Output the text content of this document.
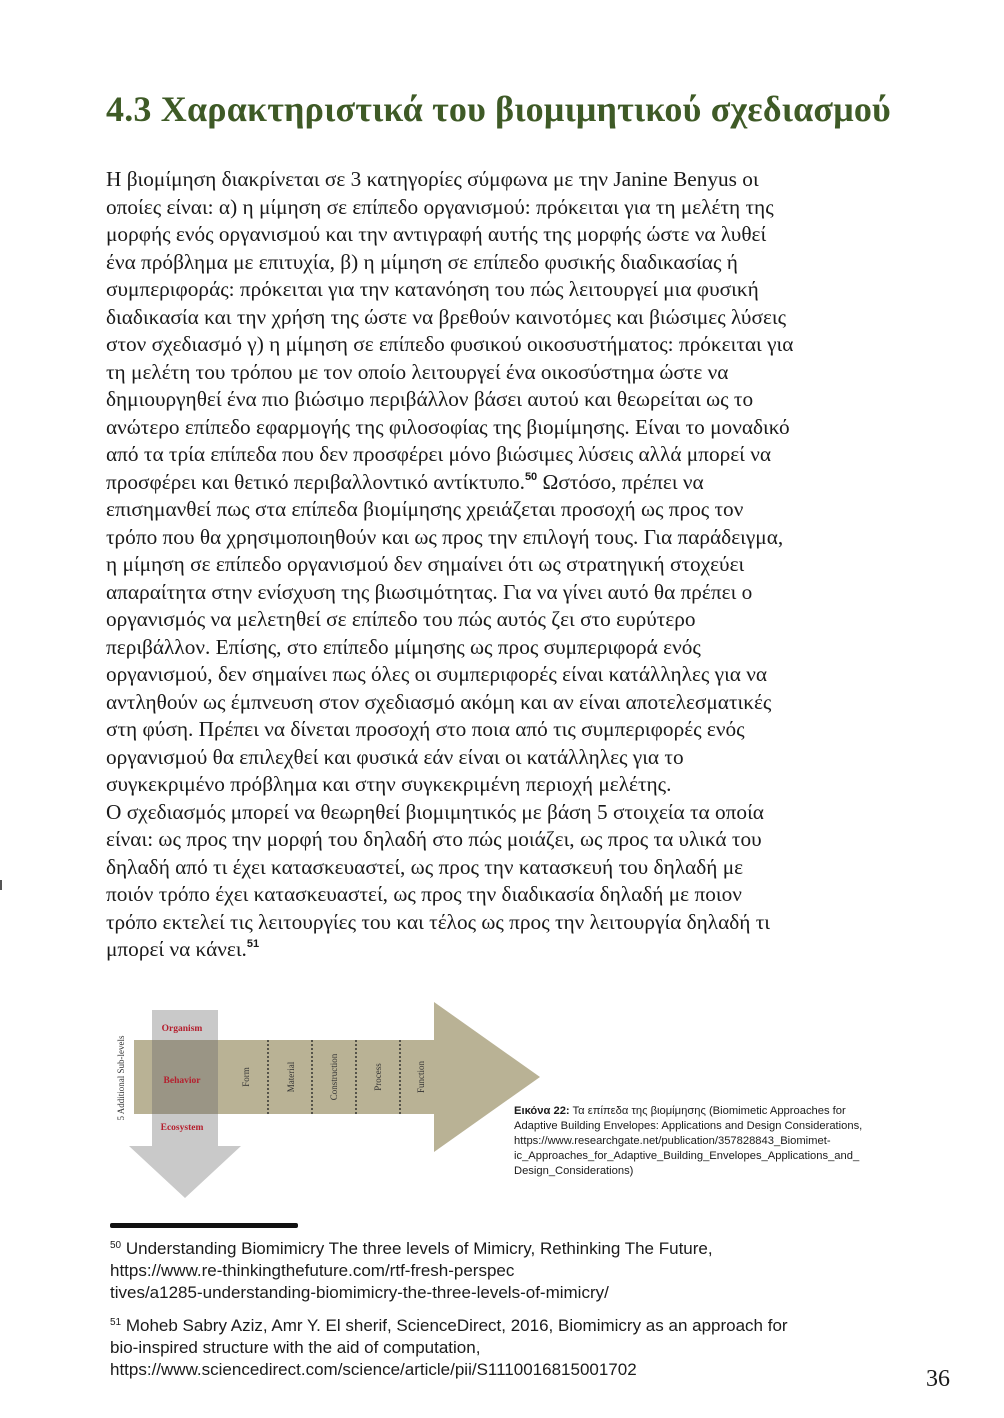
4.3 Χαρακτηριστικά του βιομιμητικού σχεδιασμού
Η βιομίμηση διακρίνεται σε 3 κατηγορίες σύμφωνα με την Janine Benyus οι
οποίες είναι: α) η μίμηση σε επίπεδο οργανισμού: πρόκειται για τη μελέτη της
μορφής ενός οργανισμού και την αντιγραφή αυτής της μορφής ώστε να λυθεί
ένα πρόβλημα με επιτυχία, β) η μίμηση σε επίπεδο φυσικής διαδικασίας ή
συμπεριφοράς: πρόκειται για την κατανόηση του πώς λειτουργεί μια φυσική
διαδικασία και την χρήση της ώστε να βρεθούν καινοτόμες και βιώσιμες λύσεις
στον σχεδιασμό γ) η μίμηση σε επίπεδο φυσικού οικοσυστήματος: πρόκειται για
τη μελέτη του τρόπου με τον οποίο λειτουργεί ένα οικοσύστημα ώστε να
δημιουργηθεί ένα πιο βιώσιμο περιβάλλον βάσει αυτού και θεωρείται ως το
ανώτερο επίπεδο εφαρμογής της φιλοσοφίας της βιομίμησης. Είναι το μοναδικό
από τα τρία επίπεδα που δεν προσφέρει μόνο βιώσιμες λύσεις αλλά μπορεί να
προσφέρει και θετικό περιβαλλοντικό αντίκτυπο.$^{50}$ Ωστόσο, πρέπει να
επισημανθεί πως στα επίπεδα βιομίμησης χρειάζεται προσοχή ως προς τον
τρόπο που θα χρησιμοποιηθούν και ως προς την επιλογή τους. Για παράδειγμα,
η μίμηση σε επίπεδο οργανισμού δεν σημαίνει ότι ως στρατηγική στοχεύει
απαραίτητα στην ενίσχυση της βιωσιμότητας. Για να γίνει αυτό θα πρέπει ο
οργανισμός να μελετηθεί σε επίπεδο του πώς αυτός ζει στο ευρύτερο
περιβάλλον. Επίσης, στο επίπεδο μίμησης ως προς συμπεριφορά ενός
οργανισμού, δεν σημαίνει πως όλες οι συμπεριφορές είναι κατάλληλες για να
αντληθούν ως έμπνευση στον σχεδιασμό ακόμη και αν είναι αποτελεσματικές
στη φύση. Πρέπει να δίνεται προσοχή στο ποια από τις συμπεριφορές ενός
οργανισμού θα επιλεχθεί και φυσικά εάν είναι οι κατάλληλες για το
συγκεκριμένο πρόβλημα και στην συγκεκριμένη περιοχή μελέτης.
Ο σχεδιασμός μπορεί να θεωρηθεί βιομιμητικός με βάση 5 στοιχεία τα οποία
είναι: ως προς την μορφή του δηλαδή στο πώς μοιάζει, ως προς τα υλικά του
δηλαδή από τι έχει κατασκευαστεί, ως προς την κατασκευή του δηλαδή με
ποιόν τρόπο έχει κατασκευαστεί, ως προς την διαδικασία δηλαδή με ποιον
τρόπο εκτελεί τις λειτουργίες του και τέλος ως προς την λειτουργία δηλαδή τι
μπορεί να κάνει.$^{51}$
5 Additional Sub-levels
Organism
Behavior
Ecosystem
Form	Material	Construction	Process	Function
Εικόνα 22: Τα επίπεδα της βιομίμησης (Biomimetic Approaches for
Adaptive Building Envelopes: Applications and Design Considerations,
https://www.researchgate.net/publication/357828843_Biomimet-
ic_Approaches_for_Adaptive_Building_Envelopes_Applications_and_
Design_Considerations)
$^{50}$ Understanding Biomimicry The three levels of Mimicry, Rethinking The Future,
https://www.re-thinkingthefuture.com/rtf-fresh-perspec
tives/a1285-understanding-biomimicry-the-three-levels-of-mimicry/
$^{51}$ Moheb Sabry Aziz, Amr Y. El sherif, ScienceDirect, 2016, Biomimicry as an approach for
bio-inspired structure with the aid of computation,
https://www.sciencedirect.com/science/article/pii/S1110016815001702	36
